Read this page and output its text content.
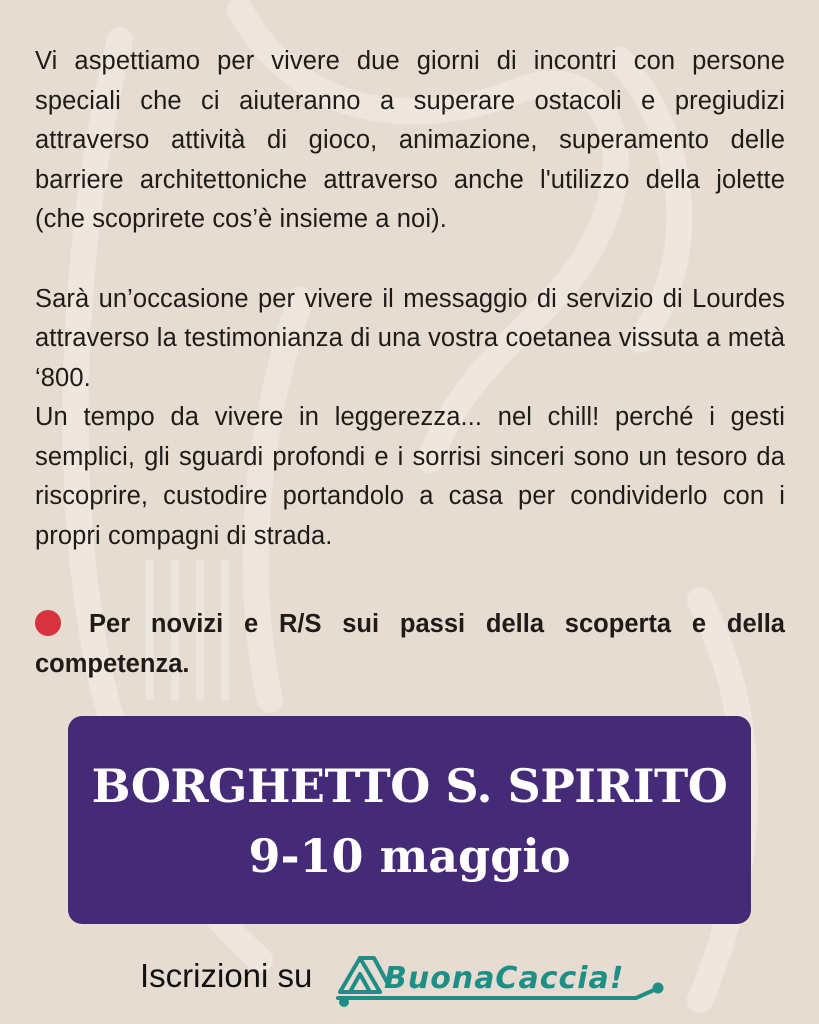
Vi aspettiamo per vivere due giorni di incontri con persone speciali che ci aiuteranno a superare ostacoli e pregiudizi attraverso attività di gioco, animazione, superamento delle barriere architettoniche attraverso anche l'utilizzo della jolette (che scoprirete cos’è insieme a noi).

Sarà un’occasione per vivere il messaggio di servizio di Lourdes attraverso la testimonianza di una vostra coetanea vissuta a metà ‘800.

Un tempo da vivere in leggerezza... nel chill! perché i gesti semplici, gli sguardi profondi e i sorrisi sinceri sono un tesoro da riscoprire, custodire portandolo a casa per condividerlo con i propri compagni di strada.

Per novizi e R/S sui passi della scoperta e della competenza.
BORGHETTO S. SPIRITO
9-10 maggio
Iscrizioni su BuonaCaccia!
